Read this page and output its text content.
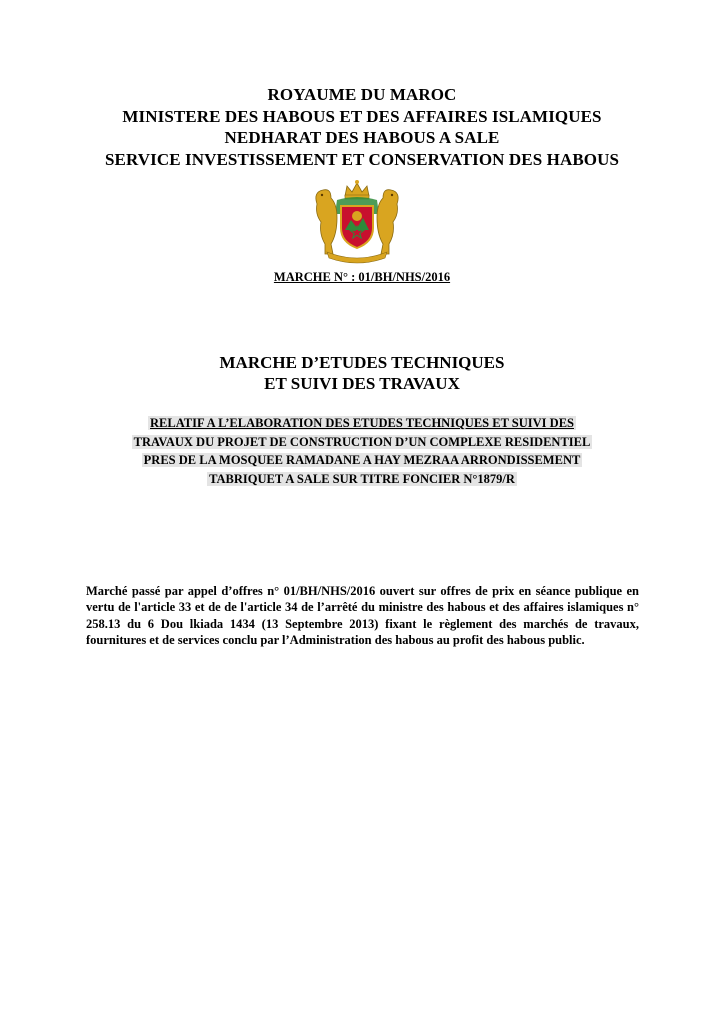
ROYAUME DU MAROC
MINISTERE DES HABOUS ET DES AFFAIRES ISLAMIQUES
NEDHARAT DES HABOUS A SALE
SERVICE INVESTISSEMENT ET CONSERVATION DES HABOUS
MARCHE N° : 01/BH/NHS/2016
MARCHE D’ETUDES TECHNIQUES
ET SUIVI DES TRAVAUX
RELATIF A L’ELABORATION DES ETUDES TECHNIQUES ET SUIVI DES
TRAVAUX DU PROJET DE CONSTRUCTION D’UN COMPLEXE RESIDENTIEL
PRES DE LA MOSQUEE RAMADANE A HAY MEZRAA ARRONDISSEMENT
TABRIQUET A SALE SUR TITRE FONCIER N°1879/R

Marché passé par appel d’offres n° 01/BH/NHS/2016 ouvert sur offres de prix en séance publique en vertu de l'article 33 et de de l'article 34 de l’arrêté du ministre des habous et des affaires islamiques n° 258.13 du 6 Dou lkiada 1434 (13 Septembre 2013) fixant le règlement des marchés de travaux, fournitures et de services conclu par l’Administration des habous au profit des habous public.
